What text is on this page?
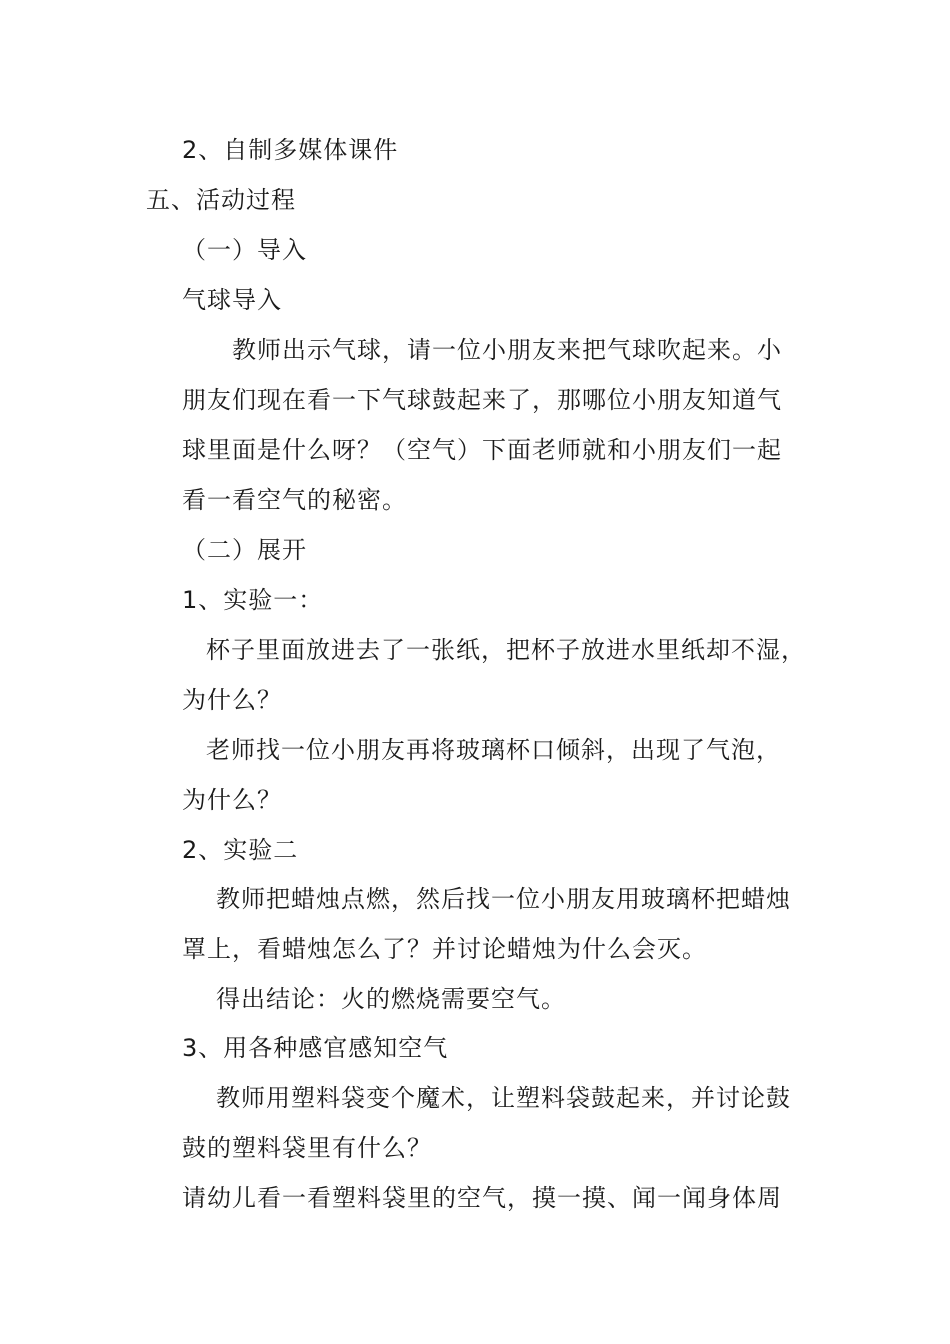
2、自制多媒体课件
五、活动过程
（一）导入
气球导入
教师出示气球，请一位小朋友来把气球吹起来。小
朋友们现在看一下气球鼓起来了，那哪位小朋友知道气
球里面是什么呀？（空气）下面老师就和小朋友们一起
看一看空气的秘密。
（二）展开
1、实验一：
杯子里面放进去了一张纸，把杯子放进水里纸却不湿，
为什么？
老师找一位小朋友再将玻璃杯口倾斜，出现了气泡，
为什么？
2、实验二
教师把蜡烛点燃，然后找一位小朋友用玻璃杯把蜡烛
罩上，看蜡烛怎么了？并讨论蜡烛为什么会灭。
得出结论：火的燃烧需要空气。
3、用各种感官感知空气
教师用塑料袋变个魔术，让塑料袋鼓起来，并讨论鼓
鼓的塑料袋里有什么？
请幼儿看一看塑料袋里的空气，摸一摸、闻一闻身体周
